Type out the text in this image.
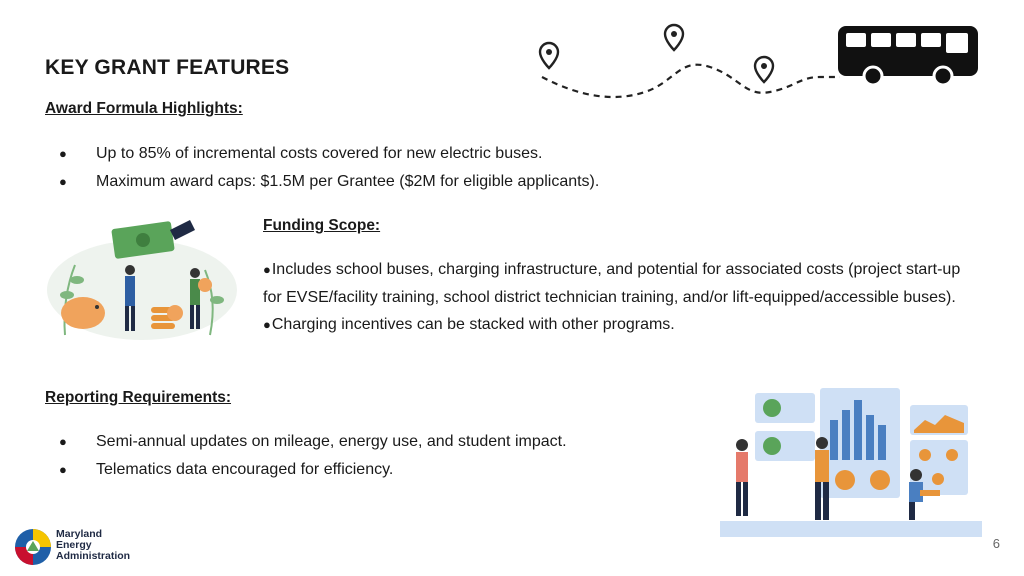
KEY GRANT FEATURES
Award Formula Highlights:
● Up to 85% of incremental costs covered for new electric buses.
● Maximum award caps: $1.5M per Grantee ($2M for eligible applicants).
Funding Scope:
●Includes school buses, charging infrastructure, and potential for associated costs (project start-up for EVSE/facility training, school district technician training, and/or lift-equipped/accessible buses).
●Charging incentives can be stacked with other programs.
Reporting Requirements:
● Semi-annual updates on mileage, energy use, and student impact.
● Telematics data encouraged for efficiency.
Maryland
Energy
Administration
6
